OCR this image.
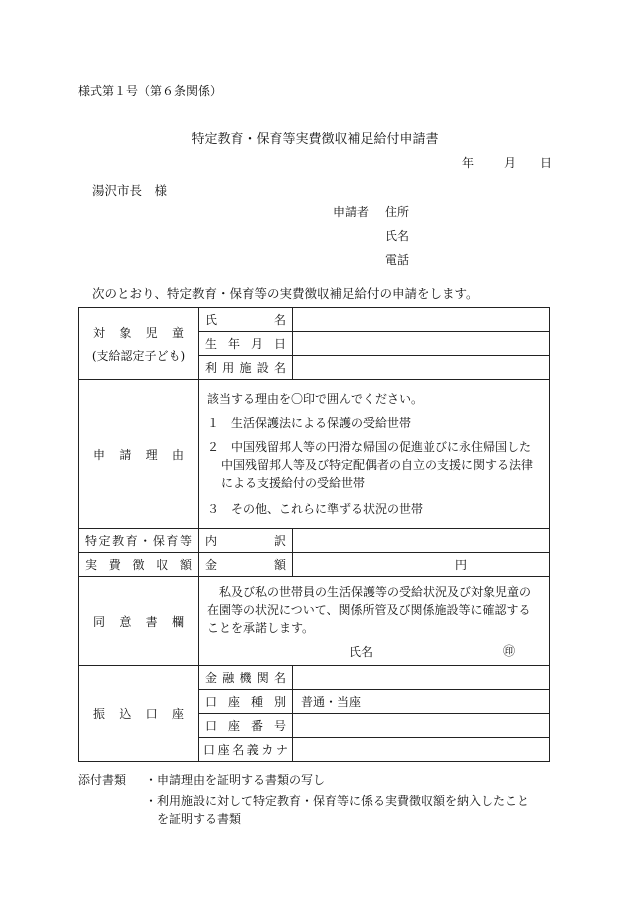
様式第１号（第６条関係）
特定教育・保育等実費徴収補足給付申請書
年 月 日
湯沢市長　様
申請者 住所
氏名
電話
次のとおり、特定教育・保育等の実費徴収補足給付の申請をします。
対　象　児　童
(支給認定子ども)	氏名	
	生年月日	
	利用施設名	
申請理由	該当する理由を〇印で囲んでください。

１　生活保護法による保護の受給世帯

２　中国残留邦人等の円滑な帰国の促進並びに永住帰国した中国残留邦人等及び特定配偶者の自立の支援に関する法律による支援給付の受給世帯

３　その他、これらに準ずる状況の世帯	

特定教育・保育等	内訳	
実費徴収額	金額	円
同意書欄	私及び私の世帯員の生活保護等の受給状況及び対象児童の在園等の状況について、関係所管及び関係施設等に確認することを承諾します。
氏名 ㊞	

振込口座	金融機関名	
	口座種別	普通・当座
	口座番号	
	口座名義カナ	
添付書類 ・申請理由を証明する書類の写し
・利用施設に対して特定教育・保育等に係る実費徴収額を納入したこと
を証明する書類
